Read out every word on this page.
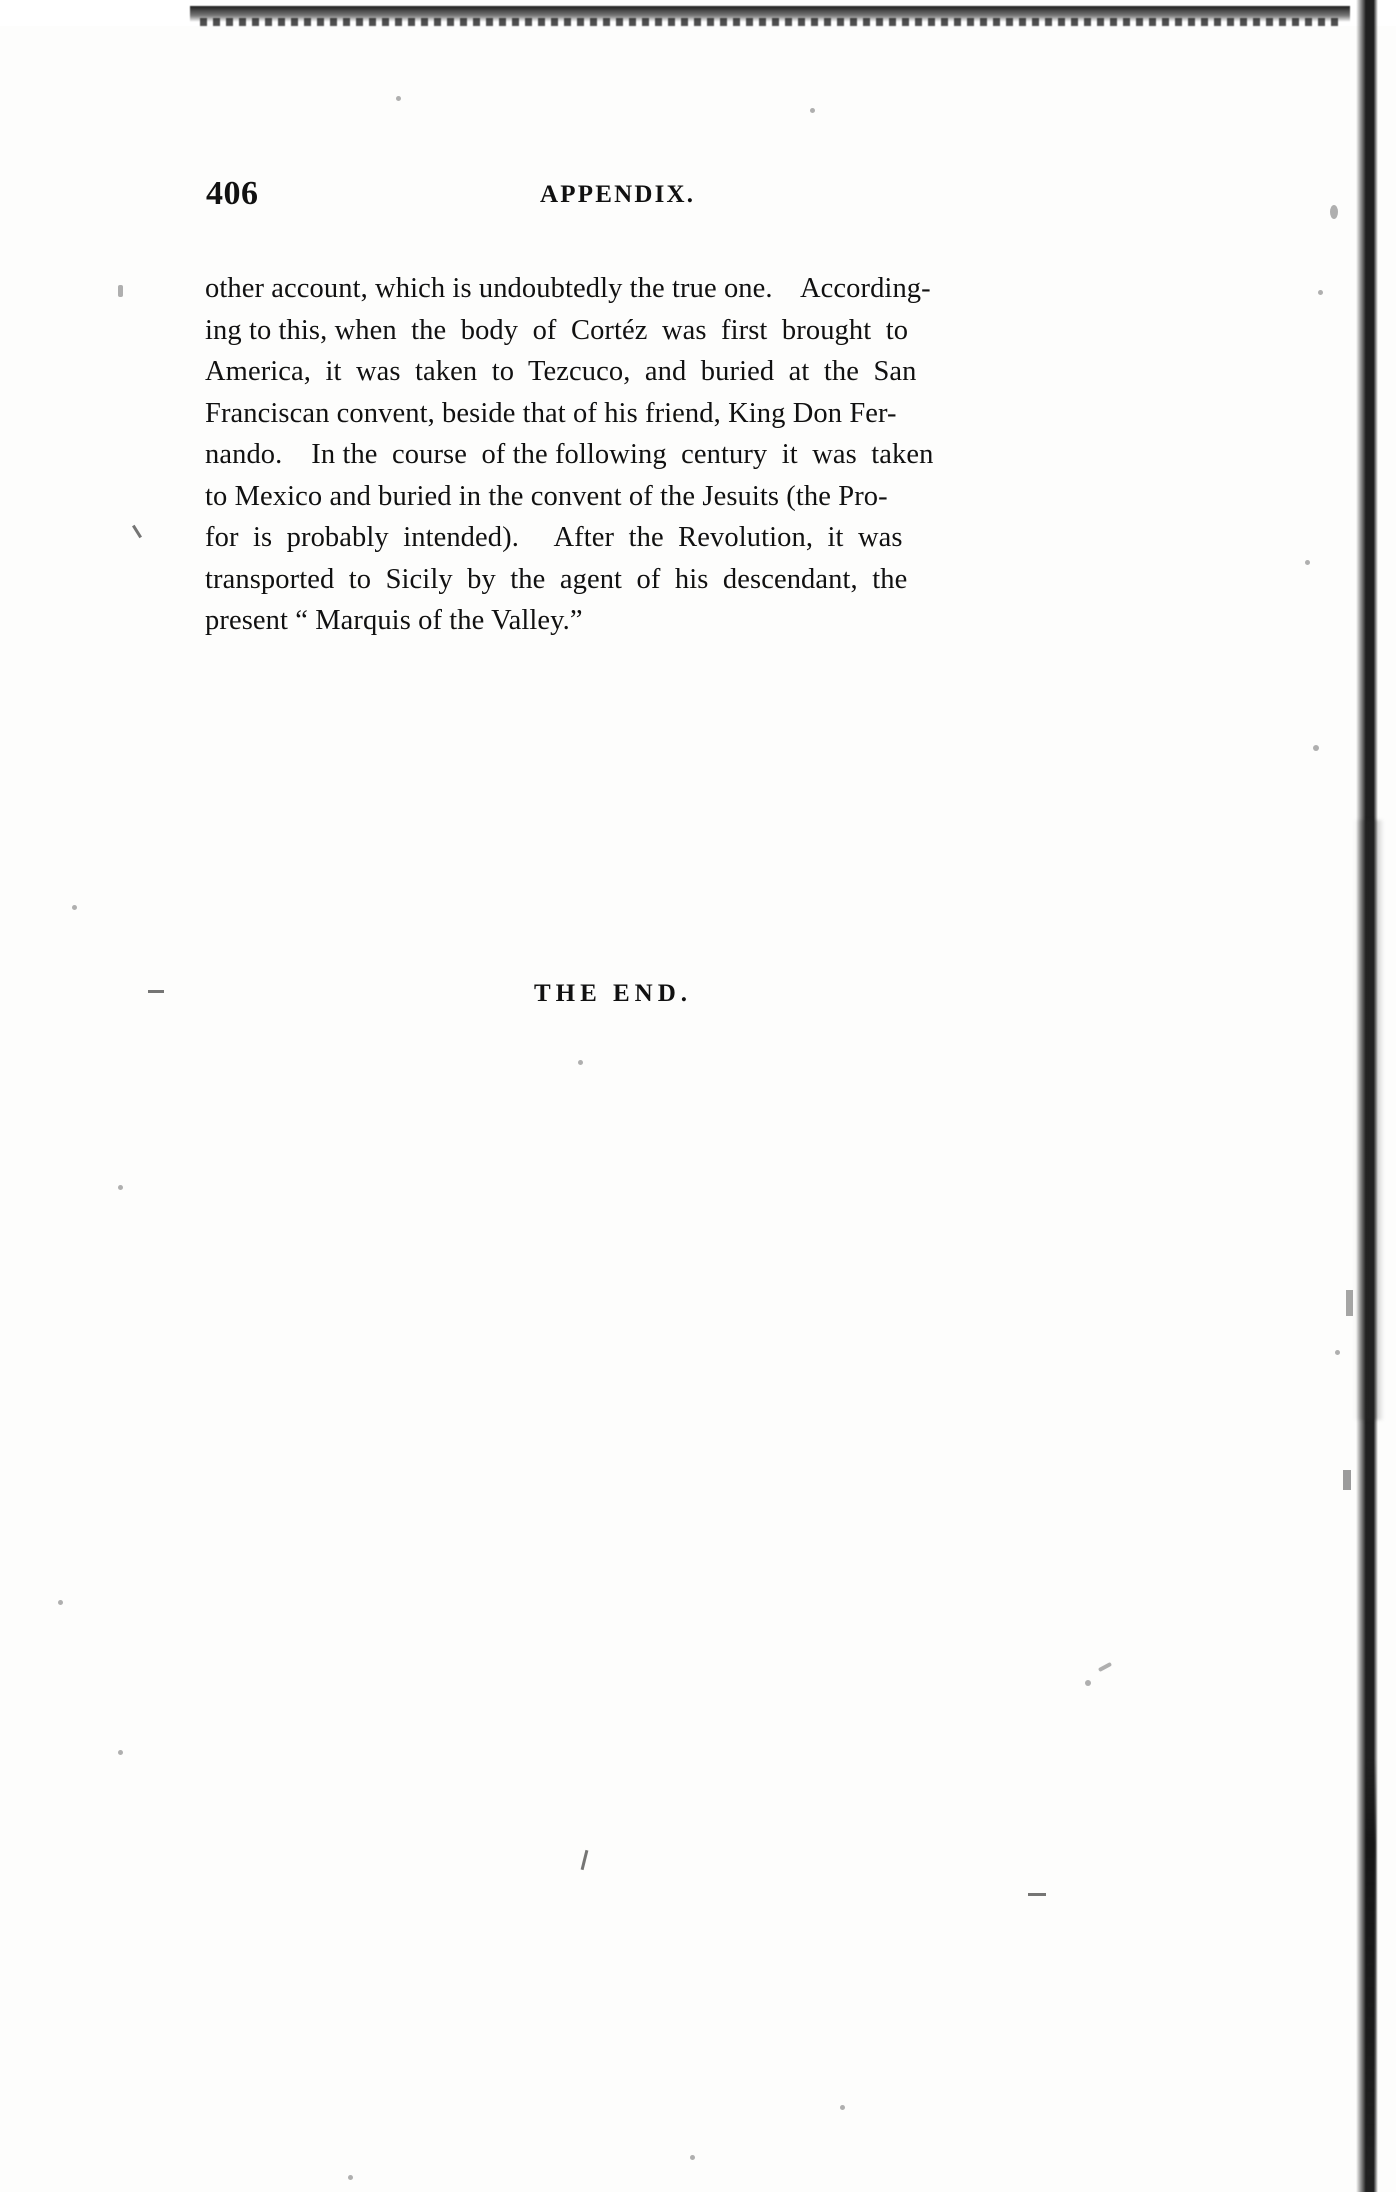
406	APPENDIX.
other account, which is undoubtedly the true one.    According-
ing to this, when  the  body  of  Cortéz  was  first  brought  to
America,  it  was  taken  to  Tezcuco,  and  buried  at  the  San
Franciscan convent, beside that of his friend, King Don Fer-
nando.    In the  course  of the following  century  it  was  taken
to Mexico and buried in the convent of the Jesuits (the Pro-
for  is  probably  intended).     After  the  Revolution,  it  was
transported  to  Sicily  by  the  agent  of  his  descendant,  the
present “ Marquis of the Valley.”
THE END.
